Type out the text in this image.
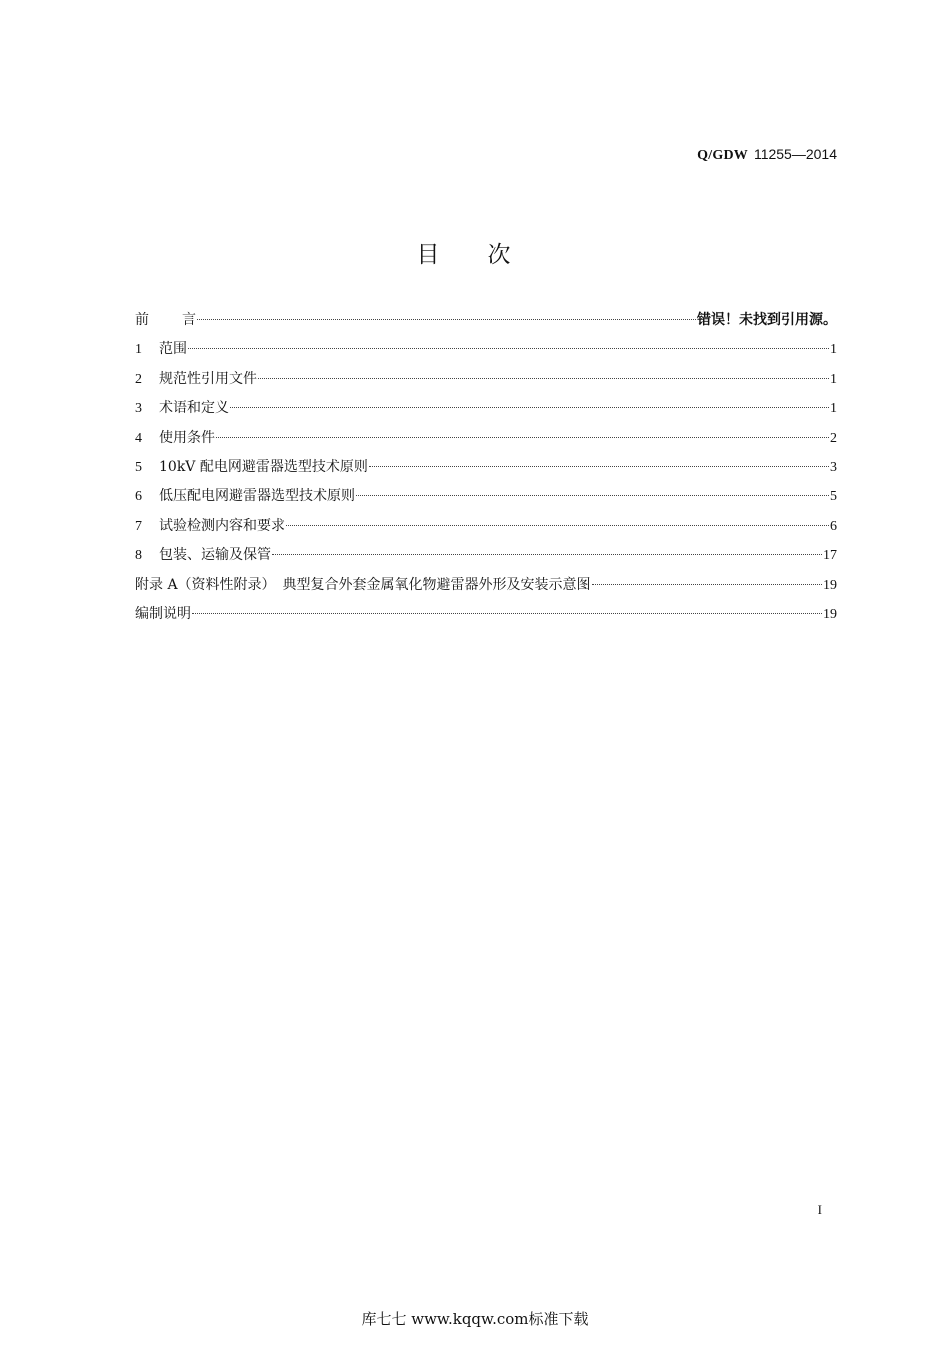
Q/GDW 11255—2014
目次
前言	错误！未找到引用源。
1	范围	1
2	规范性引用文件	1
3	术语和定义	1
4	使用条件	2
5	10kV 配电网避雷器选型技术原则	3
6	低压配电网避雷器选型技术原则	5
7	试验检测内容和要求	6
8	包装、运输及保管	17
附录 A（资料性附录）　典型复合外套金属氧化物避雷器外形及安装示意图	19
编制说明	19
I
库七七 www.kqqw.com标准下载
